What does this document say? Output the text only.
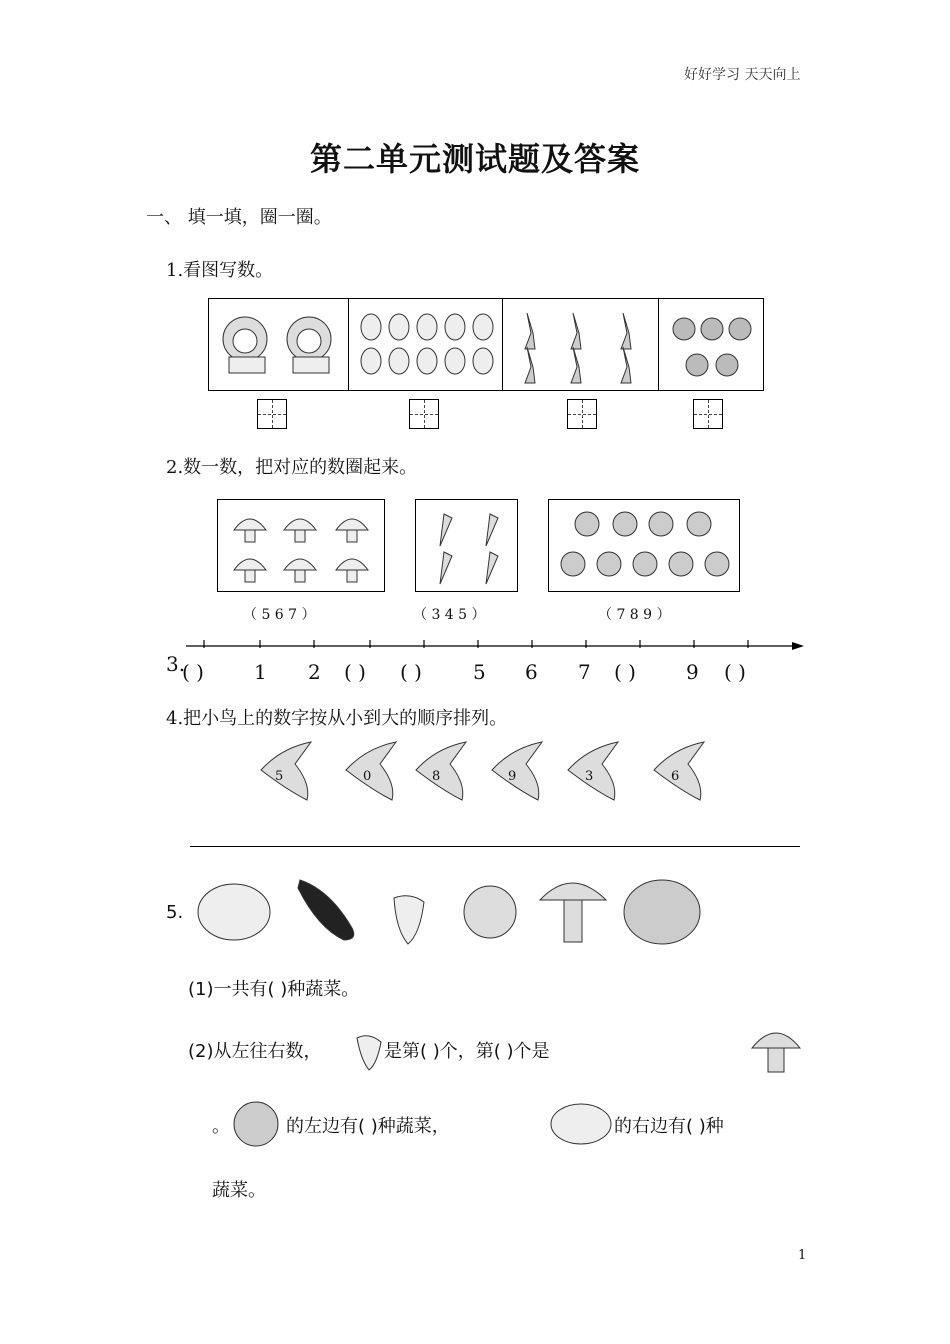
好好学习 天天向上
第二单元测试题及答案
一、 填一填，圈一圈。
1.看图写数。
2.数一数，把对应的数圈起来。
（ 5 6 7 ）	（ 3 4 5 ）	（ 7 8 9 ）
3.
( )	1 2 ( ) ( )	5 6 7 ( )	9 ( )
4.把小鸟上的数字按从小到大的顺序排列。
5	0	8	9	3	6
5.
(1)一共有( )种蔬菜。
(2)从左往右数，	是第( )个，第( )个是
。	的左边有( )种蔬菜，	的右边有( )种
蔬菜。
1
